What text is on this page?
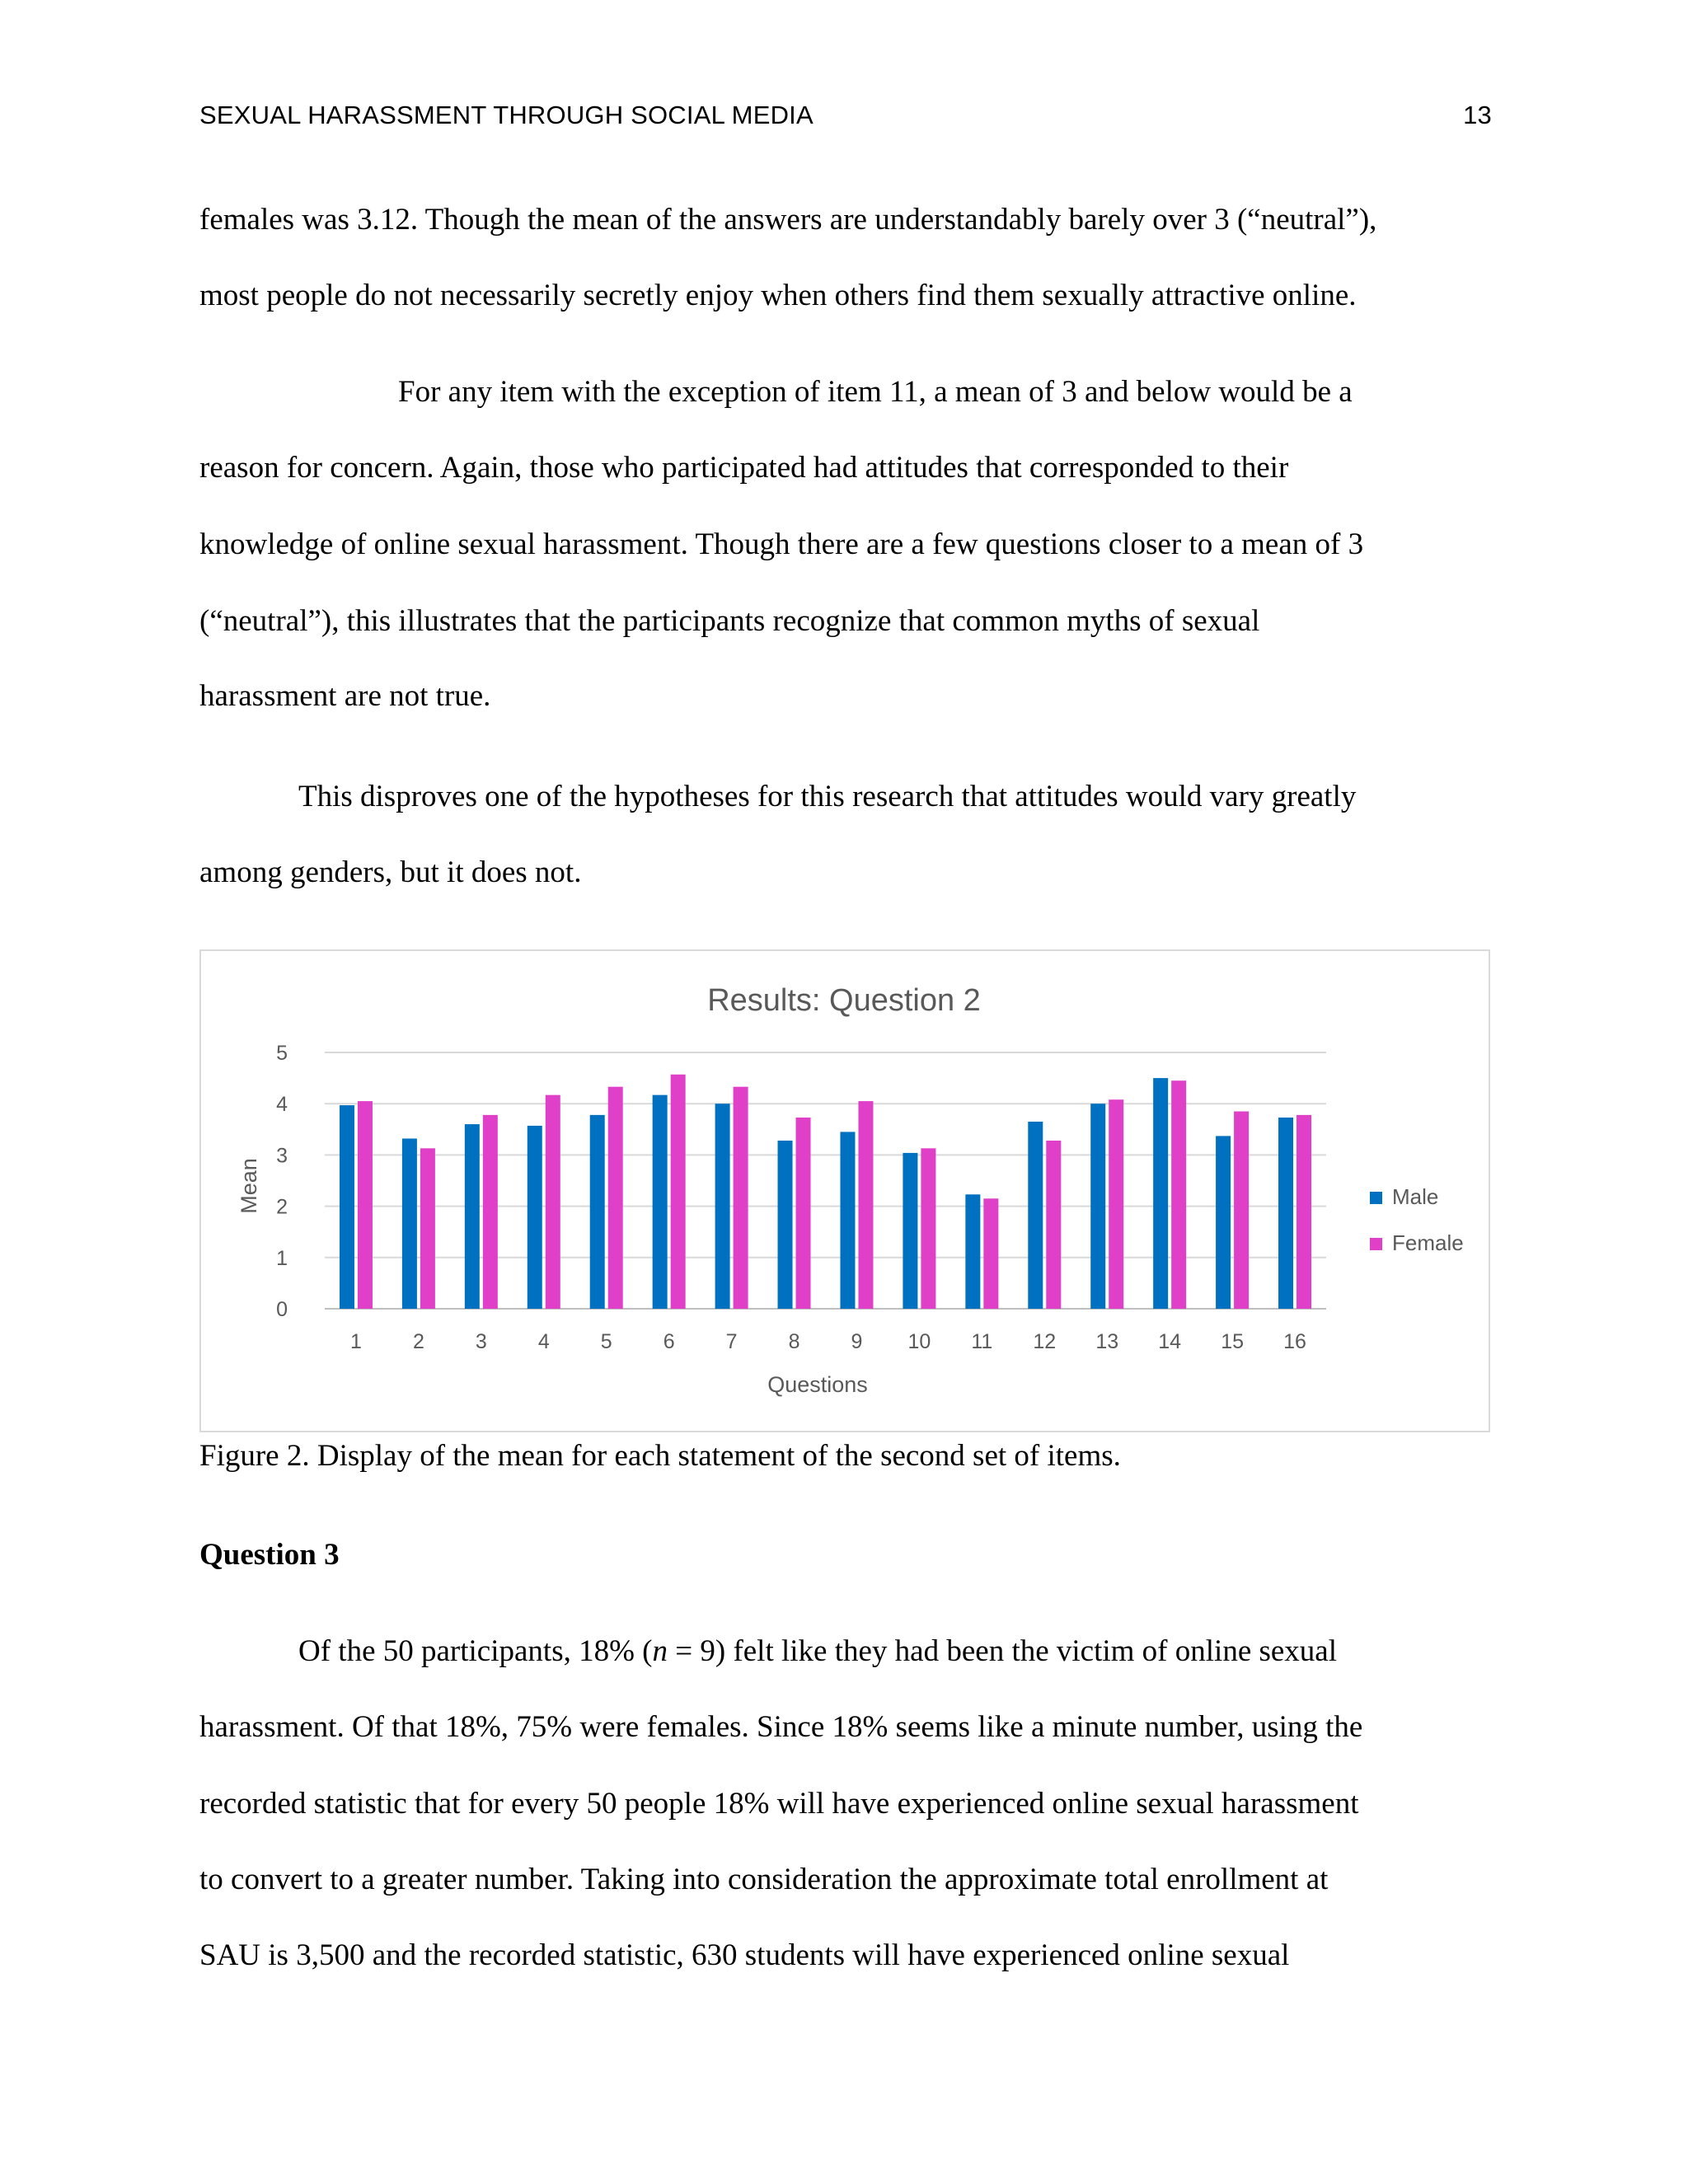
SEXUAL HARASSMENT THROUGH SOCIAL MEDIA	13
females was 3.12. Though the mean of the answers are understandably barely over 3 (“neutral”),
most people do not necessarily secretly enjoy when others find them sexually attractive online.
For any item with the exception of item 11, a mean of 3 and below would be a
reason for concern. Again, those who participated had attitudes that corresponded to their
knowledge of online sexual harassment. Though there are a few questions closer to a mean of 3
(“neutral”), this illustrates that the participants recognize that common myths of sexual
harassment are not true.
This disproves one of the hypotheses for this research that attitudes would vary greatly
among genders, but it does not.
0
1
2
3
4
5
1 2 3 4 5 6 7 8 9 10 11 12 13 14 15 16
Results: Question 2
Mean
Questions
Male
Female
Figure 2. Display of the mean for each statement of the second set of items.
Question 3
Of the 50 participants, 18% (n = 9) felt like they had been the victim of online sexual
harassment. Of that 18%, 75% were females. Since 18% seems like a minute number, using the
recorded statistic that for every 50 people 18% will have experienced online sexual harassment
to convert to a greater number. Taking into consideration the approximate total enrollment at
SAU is 3,500 and the recorded statistic, 630 students will have experienced online sexual
